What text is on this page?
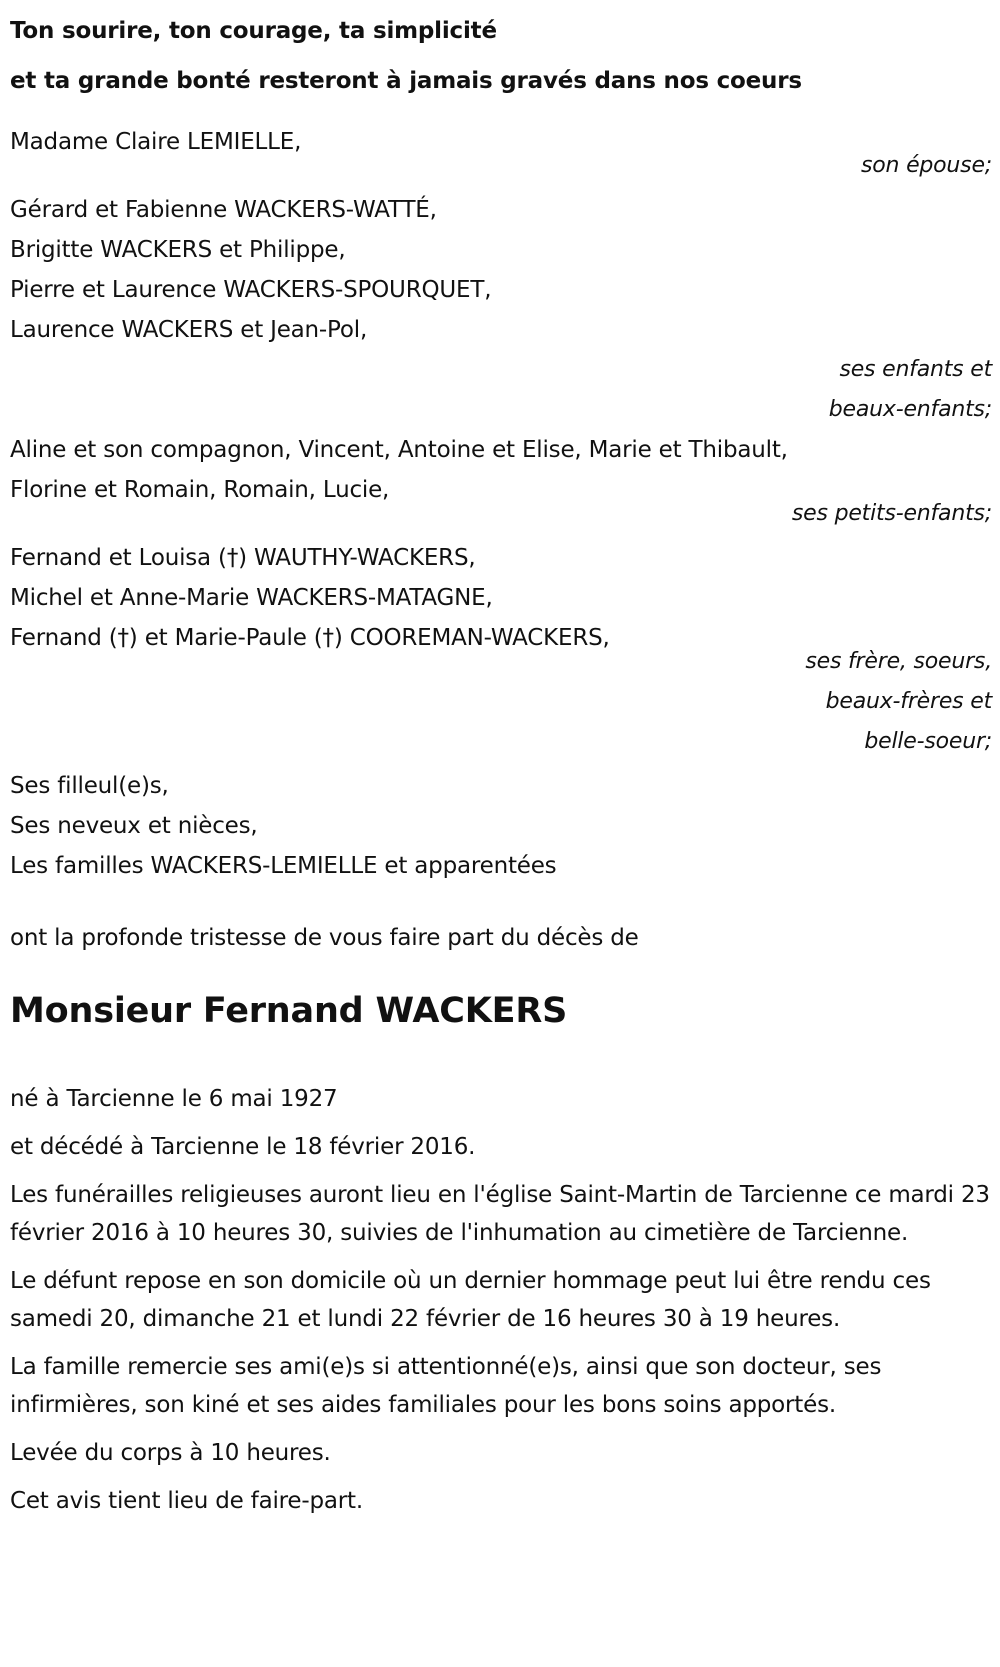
Ton sourire, ton courage, ta simplicité

et ta grande bonté resteront à jamais gravés dans nos coeurs

Madame Claire LEMIELLE,

son épouse;

Gérard et Fabienne WACKERS-WATTÉ,

Brigitte WACKERS et Philippe,

Pierre et Laurence WACKERS-SPOURQUET,

Laurence WACKERS et Jean-Pol,

ses enfants et

beaux-enfants;

Aline et son compagnon, Vincent, Antoine et Elise, Marie et Thibault,

Florine et Romain, Romain, Lucie,

ses petits-enfants;

Fernand et Louisa (†) WAUTHY-WACKERS,

Michel et Anne-Marie WACKERS-MATAGNE,

Fernand (†) et Marie-Paule (†) COOREMAN-WACKERS,

ses frère, soeurs,

beaux-frères et

belle-soeur;

Ses filleul(e)s,

Ses neveux et nièces,

Les familles WACKERS-LEMIELLE et apparentées

ont la profonde tristesse de vous faire part du décès de

Monsieur Fernand WACKERS

né à Tarcienne le 6 mai 1927

et décédé à Tarcienne le 18 février 2016.

Les funérailles religieuses auront lieu en l'église Saint-Martin de Tarcienne ce mardi 23 février 2016 à 10 heures 30, suivies de l'inhumation au cimetière de Tarcienne.

Le défunt repose en son domicile où un dernier hommage peut lui être rendu ces samedi 20, dimanche 21 et lundi 22 février de 16 heures 30 à 19 heures.

La famille remercie ses ami(e)s si attentionné(e)s, ainsi que son docteur, ses infirmières, son kiné et ses aides familiales pour les bons soins apportés.

Levée du corps à 10 heures.

Cet avis tient lieu de faire-part.
